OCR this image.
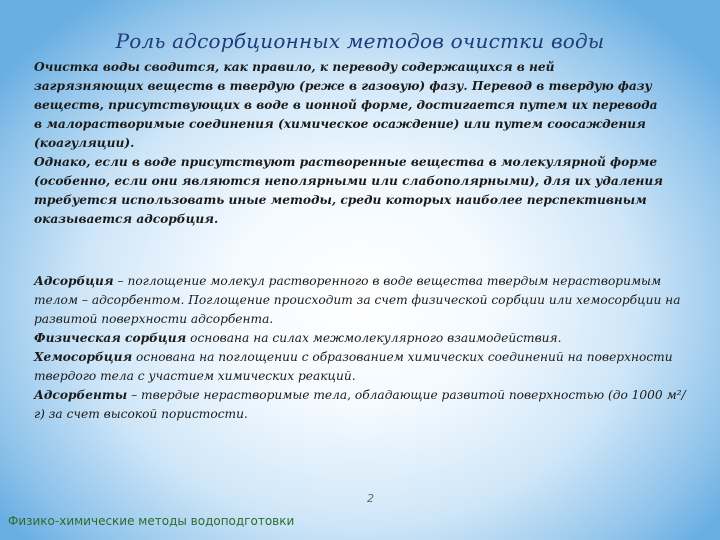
Роль адсорбционных методов очистки воды
Очистка воды сводится, как правило, к переводу содержащихся в ней загрязняющих веществ в твердую (реже в газовую) фазу. Перевод в твердую фазу веществ, присутствующих в воде в ионной форме, достигается путем их перевода в малорастворимые соединения (химическое осаждение) или путем соосаждения (коагуляции).
Однако, если в воде присутствуют растворенные вещества в молекулярной форме (особенно, если они являются неполярными или слабополярными), для их удаления требуется использовать иные методы, среди которых наиболее перспективным оказывается адсорбция.
Адсорбция – поглощение молекул растворенного в воде вещества твердым нерастворимым телом – адсорбентом. Поглощение происходит за счет физической сорбции или хемосорбции на развитой поверхности адсорбента.
Физическая сорбция основана на силах межмолекулярного взаимодействия.
Хемосорбция основана на поглощении с образованием химических соединений на поверхности твердого тела с участием химических реакций.
Адсорбенты – твердые нерастворимые тела, обладающие развитой поверхностью (до 1000 м²/г) за счет высокой пористости.
2
Физико-химические методы водоподготовки
